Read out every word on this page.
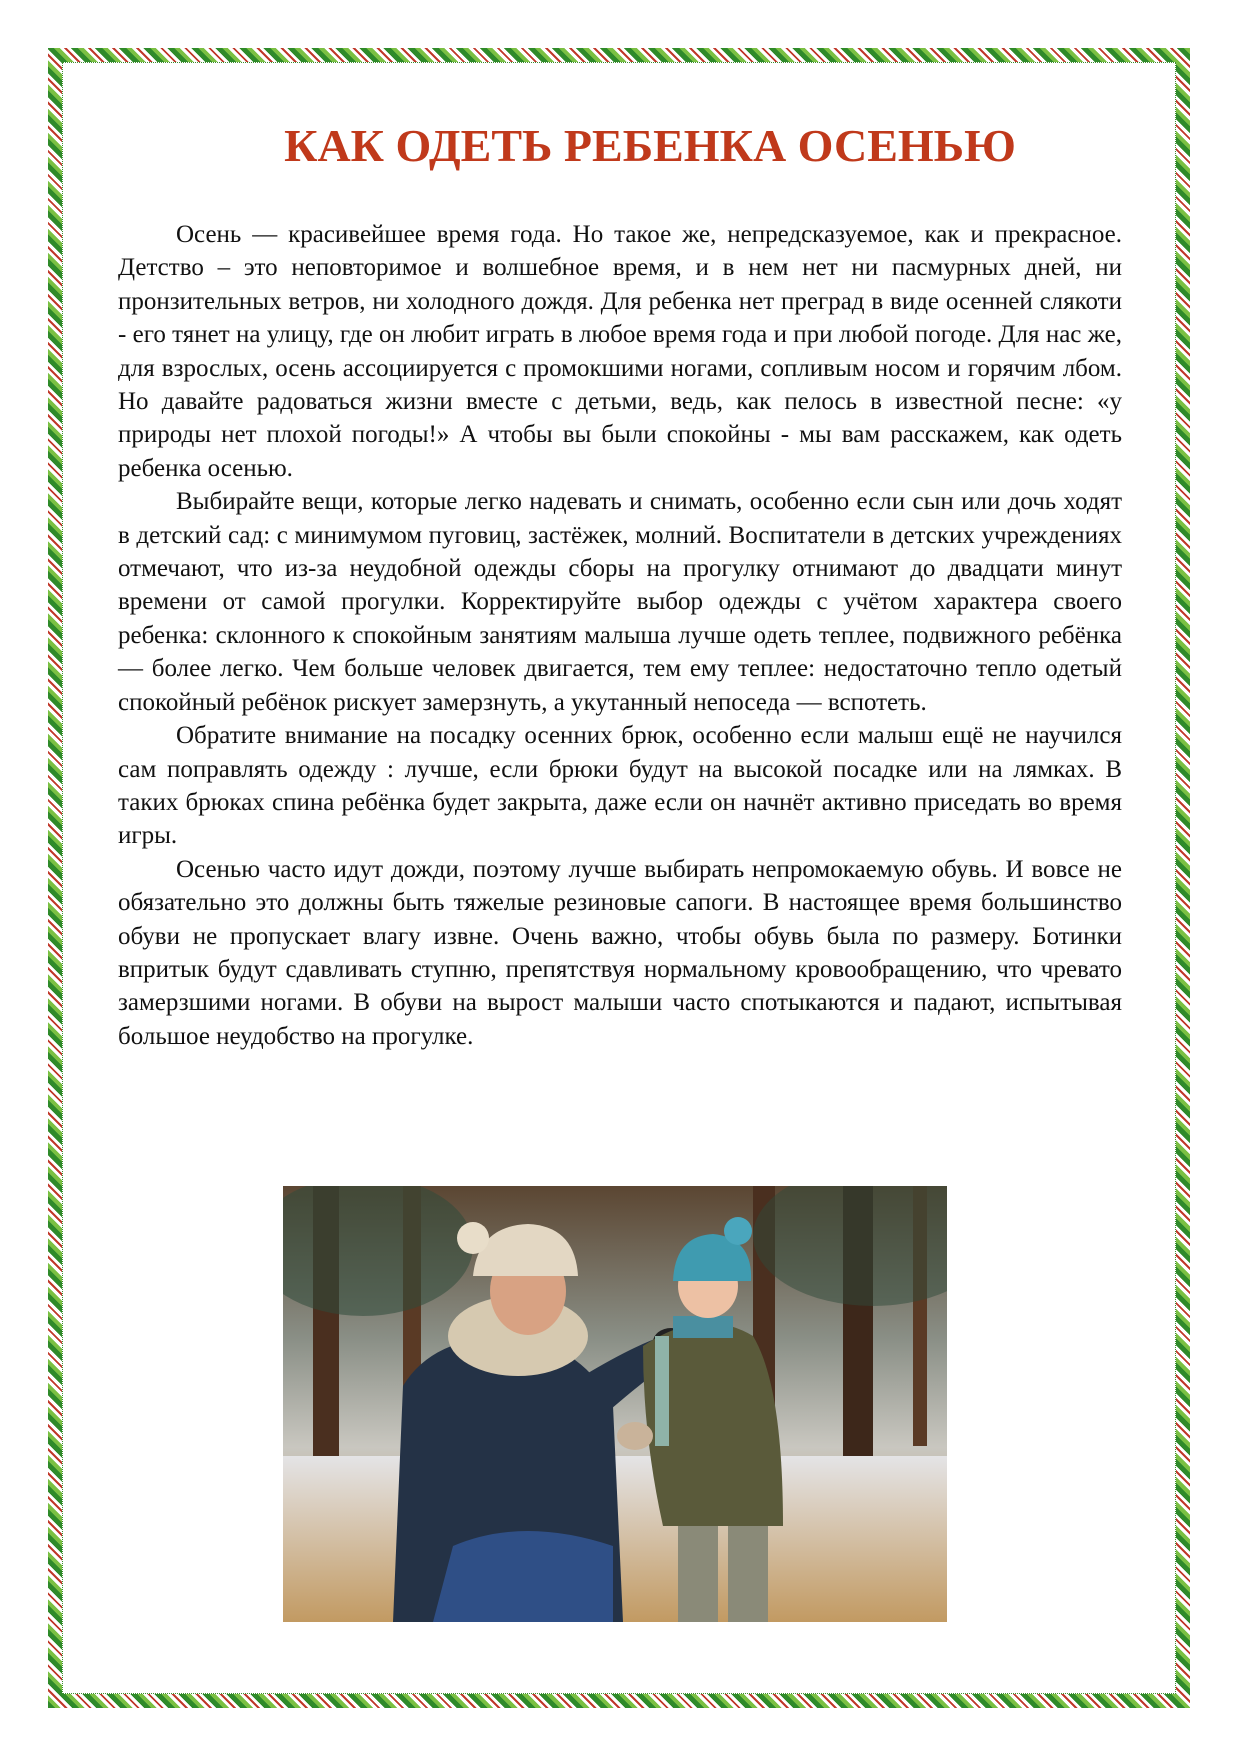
КАК ОДЕТЬ РЕБЕНКА ОСЕНЬЮ

Осень — красивейшее время года. Но такое же, непредсказуемое, как и прекрасное. Детство – это неповторимое и волшебное время, и в нем нет ни пасмурных дней, ни пронзительных ветров, ни холодного дождя. Для ребенка нет преград в виде осенней слякоти - его тянет на улицу, где он любит играть в любое время года и при любой погоде. Для нас же, для взрослых, осень ассоциируется с промокшими ногами, сопливым носом и горячим лбом. Но давайте радоваться жизни вместе с детьми, ведь, как пелось в известной песне: «у природы нет плохой погоды!» А чтобы вы были спокойны - мы вам расскажем, как одеть ребенка осенью.

Выбирайте вещи, которые легко надевать и снимать, особенно если сын или дочь ходят в детский сад: с минимумом пуговиц, застёжек, молний. Воспитатели в детских учреждениях отмечают, что из-за неудобной одежды сборы на прогулку отнимают до двадцати минут времени от самой прогулки. Корректируйте выбор одежды с учётом характера своего ребенка: склонного к спокойным занятиям малыша лучше одеть теплее, подвижного ребёнка — более легко. Чем больше человек двигается, тем ему теплее: недостаточно тепло одетый спокойный ребёнок рискует замерзнуть, а укутанный непоседа — вспотеть.

Обратите внимание на посадку осенних брюк, особенно если малыш ещё не научился сам поправлять одежду : лучше, если брюки будут на высокой посадке или на лямках. В таких брюках спина ребёнка будет закрыта, даже если он начнёт активно приседать во время игры.

Осенью часто идут дожди, поэтому лучше выбирать непромокаемую обувь. И вовсе не обязательно это должны быть тяжелые резиновые сапоги. В настоящее время большинство обуви не пропускает влагу извне. Очень важно, чтобы обувь была по размеру. Ботинки впритык будут сдавливать ступню, препятствуя нормальному кровообращению, что чревато замерзшими ногами. В обуви на вырост малыши часто спотыкаются и падают, испытывая большое неудобство на прогулке.
